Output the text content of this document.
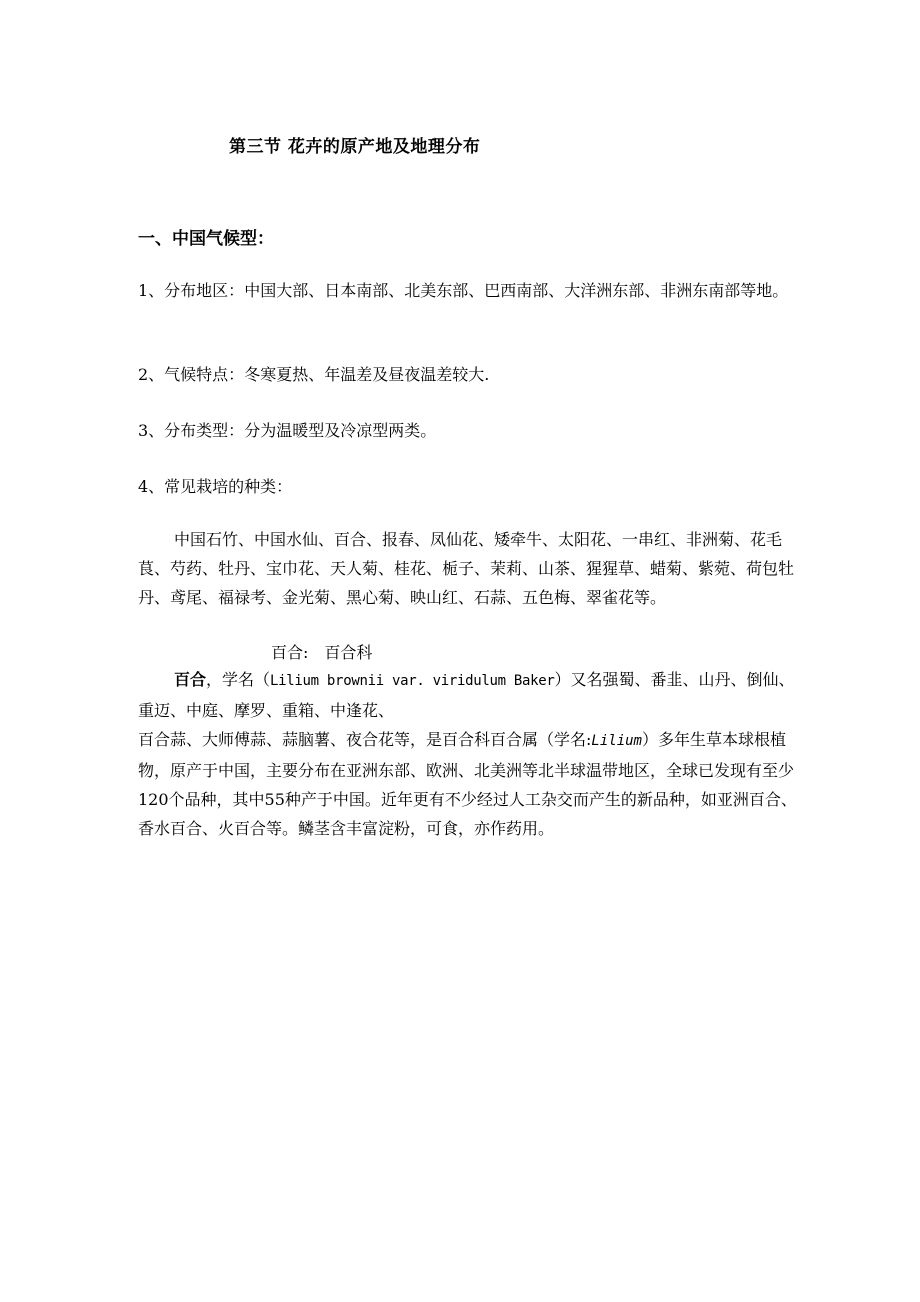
第三节 花卉的原产地及地理分布
一、中国气候型：

1、分布地区：中国大部、日本南部、北美东部、巴西南部、大洋洲东部、非洲东南部等地。

2、气候特点：冬寒夏热、年温差及昼夜温差较大.

3、分布类型：分为温暖型及冷凉型两类。

4、常见栽培的种类：

中国石竹、中国水仙、百合、报春、凤仙花、矮牵牛、太阳花、一串红、非洲菊、花毛茛、芍药、牡丹、宝巾花、天人菊、桂花、栀子、茉莉、山茶、猩猩草、蜡菊、紫菀、荷包牡丹、鸢尾、福禄考、金光菊、黑心菊、映山红、石蒜、五色梅、翠雀花等。

百合: 百合科

百合，学名（Lilium brownii var. viridulum Baker）又名强蜀、番韭、山丹、倒仙、重迈、中庭、摩罗、重箱、中逢花、
百合蒜、大师傅蒜、蒜脑薯、夜合花等，是百合科百合属（学名:Lilium）多年生草本球根植物，原产于中国，主要分布在亚洲东部、欧洲、北美洲等北半球温带地区，全球已发现有至少120个品种，其中55种产于中国。近年更有不少经过人工杂交而产生的新品种，如亚洲百合、香水百合、火百合等。鳞茎含丰富淀粉，可食，亦作药用。
